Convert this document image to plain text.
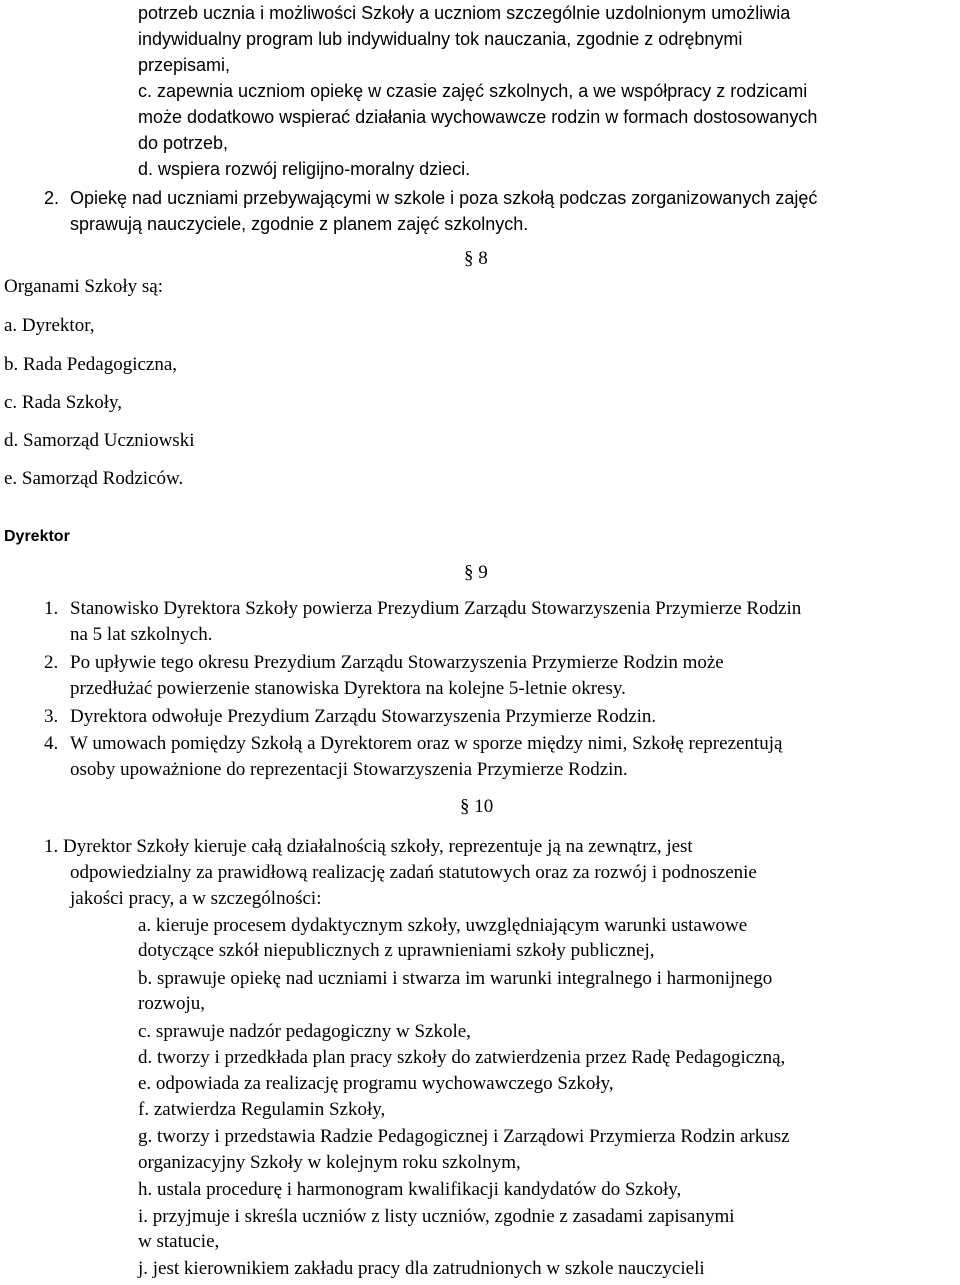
potrzeb ucznia i możliwości Szkoły a uczniom szczególnie uzdolnionym umożliwia

indywidualny program lub indywidualny tok nauczania, zgodnie z odrębnymi

przepisami,

c. zapewnia uczniom opiekę w czasie zajęć szkolnych, a we współpracy z rodzicami

może dodatkowo wspierać działania wychowawcze rodzin w formach dostosowanych

do potrzeb,

d. wspiera rozwój religijno-moralny dzieci.

2. Opiekę nad uczniami przebywającymi w szkole i poza szkołą podczas zorganizowanych zajęć

sprawują nauczyciele, zgodnie z planem zajęć szkolnych.

§ 8

Organami Szkoły są:

a. Dyrektor,

b. Rada Pedagogiczna,

c. Rada Szkoły,

d. Samorząd Uczniowski

e. Samorząd Rodziców.

Dyrektor

§ 9

1. Stanowisko Dyrektora Szkoły powierza Prezydium Zarządu Stowarzyszenia Przymierze Rodzin

na 5 lat szkolnych.

2. Po upływie tego okresu Prezydium Zarządu Stowarzyszenia Przymierze Rodzin może

przedłużać powierzenie stanowiska Dyrektora na kolejne 5-letnie okresy.

3. Dyrektora odwołuje Prezydium Zarządu Stowarzyszenia Przymierze Rodzin.

4. W umowach pomiędzy Szkołą a Dyrektorem oraz w sporze między nimi, Szkołę reprezentują

osoby upoważnione do reprezentacji Stowarzyszenia Przymierze Rodzin.

§ 10

1. Dyrektor Szkoły kieruje całą działalnością szkoły, reprezentuje ją na zewnątrz, jest

odpowiedzialny za prawidłową realizację zadań statutowych oraz za rozwój i podnoszenie

jakości pracy, a w szczególności:

a. kieruje procesem dydaktycznym szkoły, uwzględniającym warunki ustawowe

dotyczące szkół niepublicznych z uprawnieniami szkoły publicznej,

b. sprawuje opiekę nad uczniami i stwarza im warunki integralnego i harmonijnego

rozwoju,

c. sprawuje nadzór pedagogiczny w Szkole,

d. tworzy i przedkłada plan pracy szkoły do zatwierdzenia przez Radę Pedagogiczną,

e. odpowiada za realizację programu wychowawczego Szkoły,

f. zatwierdza Regulamin Szkoły,

g. tworzy i przedstawia Radzie Pedagogicznej i Zarządowi Przymierza Rodzin arkusz

organizacyjny Szkoły w kolejnym roku szkolnym,

h. ustala procedurę i harmonogram kwalifikacji kandydatów do Szkoły,

i. przyjmuje i skreśla uczniów z listy uczniów, zgodnie z zasadami zapisanymi

w statucie,

j. jest kierownikiem zakładu pracy dla zatrudnionych w szkole nauczycieli
